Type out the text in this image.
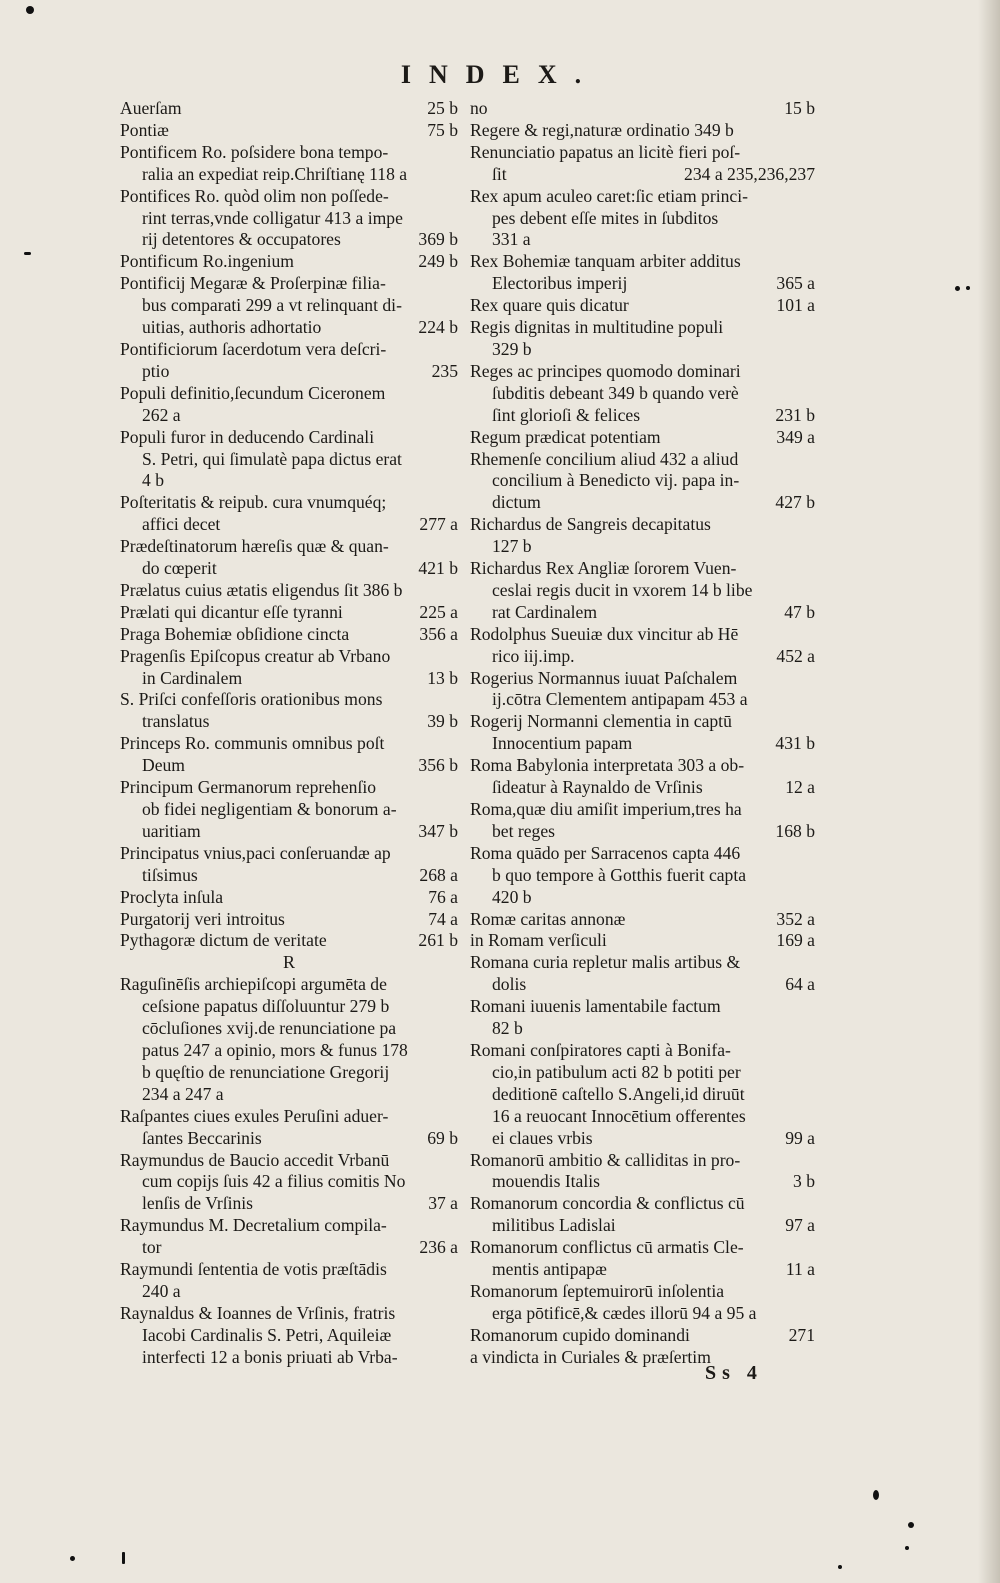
INDEX.
25 b
Auerſam
75 b
Pontiæ
Pontificem Ro. poſsidere bona tempo-
ralia an expediat reip.Chriſtianę 118 a
Pontifices Ro. quòd olim non poſſede-
rint terras,vnde colligatur 413 a impe
369 b
rij detentores & occupatores
249 b
Pontificum Ro.ingenium
Pontificij Megaræ & Proſerpinæ filia-
bus comparati 299 a vt relinquant di-
224 b
uitias, authoris adhortatio
Pontificiorum ſacerdotum vera deſcri-
235
ptio
Populi definitio,ſecundum Ciceronem
262 a
Populi furor in deducendo Cardinali
S. Petri, qui ſimulatè papa dictus erat
4 b
Poſteritatis & reipub. cura vnumquéq;
277 a
affici decet
Prædeſtinatorum hæreſis quæ & quan-
421 b
do cœperit
Prælatus cuius ætatis eligendus ſit 386 b
225 a
Prælati qui dicantur eſſe tyranni
356 a
Praga Bohemiæ obſidione cincta
Pragenſis Epiſcopus creatur ab Vrbano
13 b
in Cardinalem
S. Priſci confeſſoris orationibus mons
39 b
translatus
Princeps Ro. communis omnibus poſt
356 b
Deum
Principum Germanorum reprehenſio
ob fidei negligentiam & bonorum a-
347 b
uaritiam
Principatus vnius,paci conſeruandæ ap
268 a
tiſsimus
76 a
Proclyta inſula
74 a
Purgatorij veri introitus
261 b
Pythagoræ dictum de veritate
R
Raguſinēſis archiepiſcopi argumēta de
ceſsione papatus diſſoluuntur 279 b
cōcluſiones xvij.de renunciatione pa
patus 247 a opinio, mors & funus 178
b quęſtio de renunciatione Gregorij
234 a 247 a
Raſpantes ciues exules Peruſini aduer-
69 b
ſantes Beccarinis
Raymundus de Baucio accedit Vrbanū
cum copijs ſuis 42 a filius comitis No
37 a
lenſis de Vrſinis
Raymundus M. Decretalium compila-
236 a
tor
Raymundi ſententia de votis præſtādis
240 a
Raynaldus & Ioannes de Vrſinis, fratris
Iacobi Cardinalis S. Petri, Aquileiæ
interfecti 12 a bonis priuati ab Vrba-
15 b
no
Regere & regi,naturæ ordinatio 349 b
Renunciatio papatus an licitè fieri poſ-
234 a 235,236,237
ſit
Rex apum aculeo caret:ſic etiam princi-
pes debent eſſe mites in ſubditos
331 a
Rex Bohemiæ tanquam arbiter additus
365 a
Electoribus imperij
101 a
Rex quare quis dicatur
Regis dignitas in multitudine populi
329 b
Reges ac principes quomodo dominari
ſubditis debeant 349 b quando verè
231 b
ſint glorioſi & felices
349 a
Regum prædicat potentiam
Rhemenſe concilium aliud 432 a aliud
concilium à Benedicto vij. papa in-
427 b
dictum
Richardus de Sangreis decapitatus
127 b
Richardus Rex Angliæ ſororem Vuen-
ceslai regis ducit in vxorem 14 b libe
47 b
rat Cardinalem
Rodolphus Sueuiæ dux vincitur ab Hē
452 a
rico iij.imp.
Rogerius Normannus iuuat Paſchalem
ij.cōtra Clementem antipapam 453 a
Rogerij Normanni clementia in captū
431 b
Innocentium papam
Roma Babylonia interpretata 303 a ob-
12 a
ſideatur à Raynaldo de Vrſinis
Roma,quæ diu amiſit imperium,tres ha
168 b
bet reges
Roma quādo per Sarracenos capta 446
b quo tempore à Gotthis fuerit capta
420 b
352 a
Romæ caritas annonæ
169 a
in Romam verſiculi
Romana curia repletur malis artibus &
64 a
dolis
Romani iuuenis lamentabile factum
82 b
Romani conſpiratores capti à Bonifa-
cio,in patibulum acti 82 b potiti per
deditionē caſtello S.Angeli,id diruūt
16 a reuocant Innocētium offerentes
99 a
ei claues vrbis
Romanorū ambitio & calliditas in pro-
3 b
mouendis Italis
Romanorum concordia & conflictus cū
97 a
militibus Ladislai
Romanorum conflictus cū armatis Cle-
11 a
mentis antipapæ
Romanorum ſeptemuirorū inſolentia
erga pōtificē,& cædes illorū 94 a 95 a
271
Romanorum cupido dominandi
a vindicta in Curiales & præſertim
Ss 4
